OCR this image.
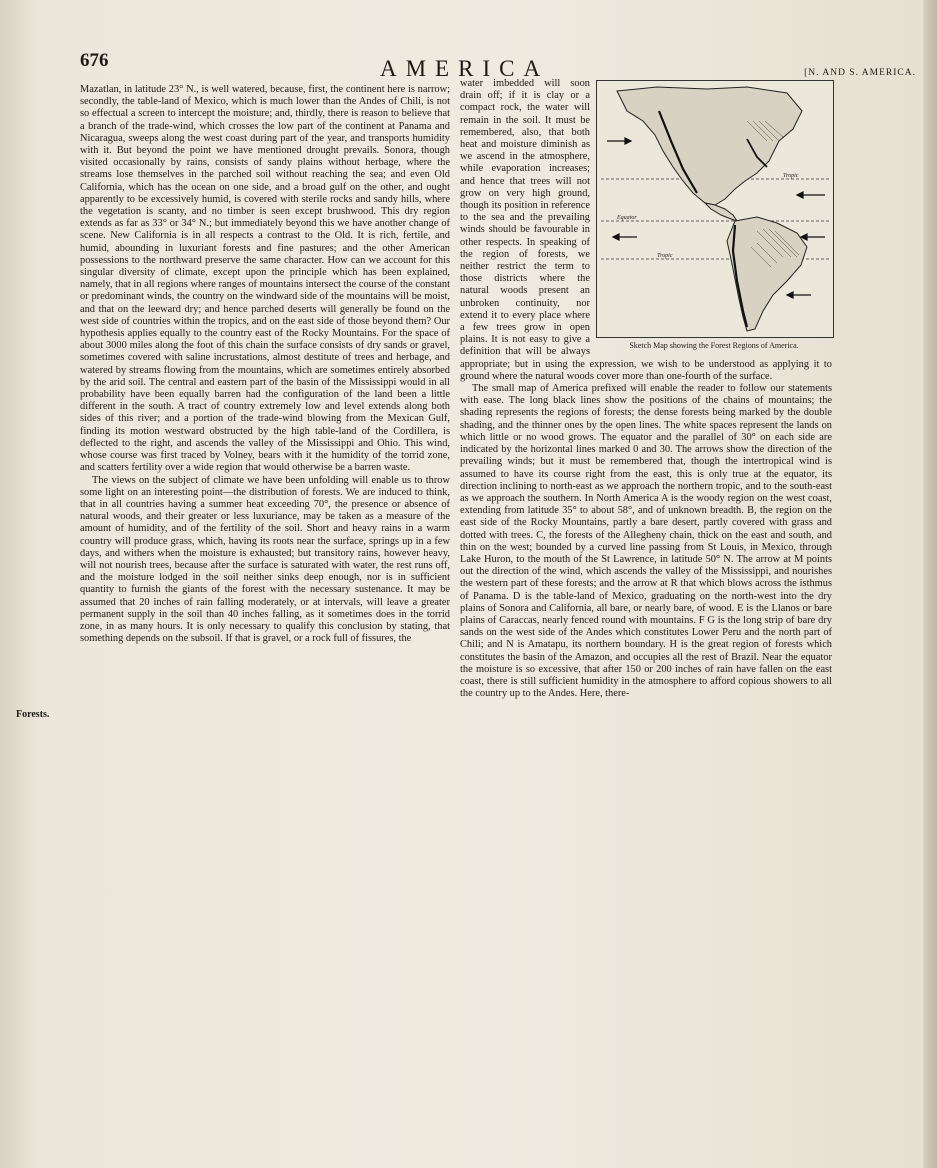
676	AMERICA	[N. AND S. AMERICA.
Forests.

Mazatlan, in latitude 23° N., is well watered, because, first, the continent here is narrow; secondly, the table-land of Mexico, which is much lower than the Andes of Chili, is not so effectual a screen to intercept the moisture; and, thirdly, there is reason to believe that a branch of the trade-wind, which crosses the low part of the continent at Panama and Nicaragua, sweeps along the west coast during part of the year, and transports humidity with it. But beyond the point we have mentioned drought prevails. Sonora, though visited occasionally by rains, consists of sandy plains without herbage, where the streams lose themselves in the parched soil without reaching the sea; and even Old California, which has the ocean on one side, and a broad gulf on the other, and ought apparently to be excessively humid, is covered with sterile rocks and sandy hills, where the vegetation is scanty, and no timber is seen except brushwood. This dry region extends as far as 33° or 34° N.; but immediately beyond this we have another change of scene. New California is in all respects a contrast to the Old. It is rich, fertile, and humid, abounding in luxuriant forests and fine pastures; and the other American possessions to the northward preserve the same character. How can we account for this singular diversity of climate, except upon the principle which has been explained, namely, that in all regions where ranges of mountains intersect the course of the constant or predominant winds, the country on the windward side of the mountains will be moist, and that on the leeward dry; and hence parched deserts will generally be found on the west side of countries within the tropics, and on the east side of those beyond them? Our hypothesis applies equally to the country east of the Rocky Mountains. For the space of about 3000 miles along the foot of this chain the surface consists of dry sands or gravel, sometimes covered with saline incrustations, almost destitute of trees and herbage, and watered by streams flowing from the mountains, which are sometimes entirely absorbed by the arid soil. The central and eastern part of the basin of the Mississippi would in all probability have been equally barren had the configuration of the land been a little different in the south. A tract of country extremely low and level extends along both sides of this river; and a portion of the trade-wind blowing from the Mexican Gulf, finding its motion westward obstructed by the high table-land of the Cordillera, is deflected to the right, and ascends the valley of the Mississippi and Ohio. This wind, whose course was first traced by Volney, bears with it the humidity of the torrid zone, and scatters fertility over a wide region that would otherwise be a barren waste.

The views on the subject of climate we have been unfolding will enable us to throw some light on an interesting point—the distribution of forests. We are induced to think, that in all countries having a summer heat exceeding 70°, the presence or absence of natural woods, and their greater or less luxuriance, may be taken as a measure of the amount of humidity, and of the fertility of the soil. Short and heavy rains in a warm country will produce grass, which, having its roots near the surface, springs up in a few days, and withers when the moisture is exhausted; but transitory rains, however heavy, will not nourish trees, because after the surface is saturated with water, the rest runs off, and the moisture lodged in the soil neither sinks deep enough, nor is in sufficient quantity to furnish the giants of the forest with the necessary sustenance. It may be assumed that 20 inches of rain falling moderately, or at intervals, will leave a greater permanent supply in the soil than 40 inches falling, as it sometimes does in the torrid zone, in as many hours. It is only necessary to qualify this conclusion by stating, that something depends on the subsoil. If that is gravel, or a rock full of fissures, the

Tropic
Equator
Tropic
Sketch Map showing the Forest Regions of America.

water imbedded will soon drain off; if it is clay or a compact rock, the water will remain in the soil. It must be remembered, also, that both heat and moisture diminish as we ascend in the atmosphere, while evaporation increases; and hence that trees will not grow on very high ground, though its position in reference to the sea and the prevailing winds should be favourable in other respects. In speaking of the region of forests, we neither restrict the term to those districts where the natural woods present an unbroken continuity, nor extend it to every place where a few trees grow in open plains. It is not easy to give a definition that will be always appropriate; but in using the expression, we wish to be understood as applying it to ground where the natural woods cover more than one-fourth of the surface.

The small map of America prefixed will enable the reader to follow our statements with ease. The long black lines show the positions of the chains of mountains; the shading represents the regions of forests; the dense forests being marked by the double shading, and the thinner ones by the open lines. The white spaces represent the lands on which little or no wood grows. The equator and the parallel of 30° on each side are indicated by the horizontal lines marked 0 and 30. The arrows show the direction of the prevailing winds; but it must be remembered that, though the intertropical wind is assumed to have its course right from the east, this is only true at the equator, its direction inclining to north-east as we approach the northern tropic, and to the south-east as we approach the southern. In North America A is the woody region on the west coast, extending from latitude 35° to about 58°, and of unknown breadth. B, the region on the east side of the Rocky Mountains, partly a bare desert, partly covered with grass and dotted with trees. C, the forests of the Allegheny chain, thick on the east and south, and thin on the west; bounded by a curved line passing from St Louis, in Mexico, through Lake Huron, to the mouth of the St Lawrence, in latitude 50° N. The arrow at M points out the direction of the wind, which ascends the valley of the Mississippi, and nourishes the western part of these forests; and the arrow at R that which blows across the isthmus of Panama. D is the table-land of Mexico, graduating on the north-west into the dry plains of Sonora and California, all bare, or nearly bare, of wood. E is the Llanos or bare plains of Caraccas, nearly fenced round with mountains. F G is the long strip of bare dry sands on the west side of the Andes which constitutes Lower Peru and the north part of Chili; and N is Amatapu, its northern boundary. H is the great region of forests which constitutes the basin of the Amazon, and occupies all the rest of Brazil. Near the equator the moisture is so excessive, that after 150 or 200 inches of rain have fallen on the east coast, there is still sufficient humidity in the atmosphere to afford copious showers to all the country up to the Andes. Here, there-
